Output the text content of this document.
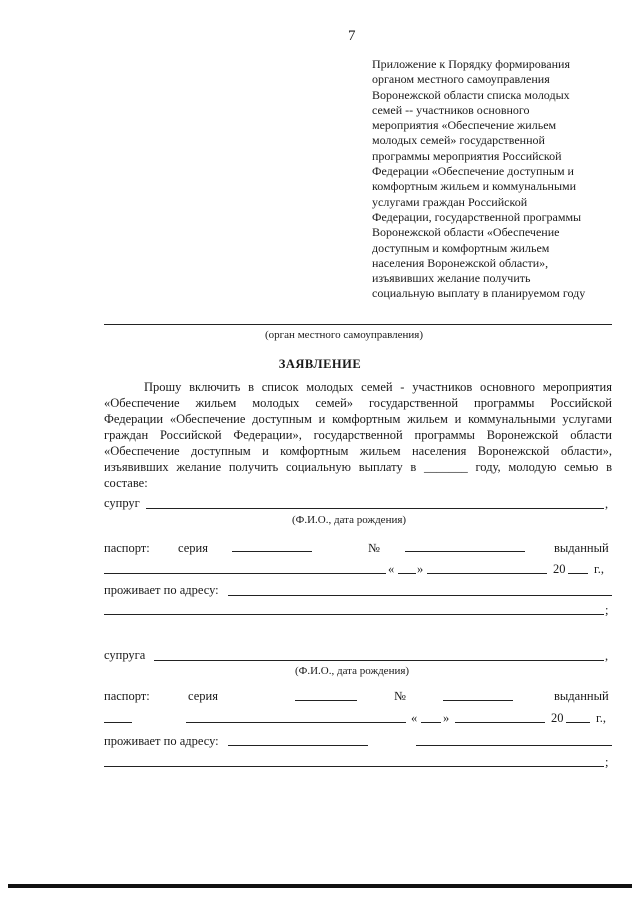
7
Приложение к Порядку формирования
органом местного самоуправления
Воронежской области списка молодых
семей -- участников основного
мероприятия «Обеспечение жильем
молодых семей» государственной
программы мероприятия Российской
Федерации «Обеспечение доступным и
комфортным жильем и коммунальными
услугами граждан Российской
Федерации, государственной программы
Воронежской области «Обеспечение
доступным и комфортным жильем
населения Воронежской области»,
изъявивших желание получить
социальную выплату в планируемом году
(орган местного самоуправления)
ЗАЯВЛЕНИЕ
Прошу включить в список молодых семей - участников основного мероприятия
«Обеспечение жильем молодых семей» государственной программы Российской
Федерации «Обеспечение доступным и комфортным жильем и коммунальными услугами
граждан Российской Федерации», государственной программы Воронежской области
«Обеспечение доступным и комфортным жильем населения Воронежской области»,
изъявивших желание получить социальную выплату в _______ году, молодую семью в
составе:
супруг	,
(Ф.И.О., дата рождения)
паспорт: серия	№	выданный
« »	20 г.,
проживает по адресу:
;
супруга	,
(Ф.И.О., дата рождения)
паспорт:	серия	№	выданный
« »	20	г.,
проживает по адресу:
;
